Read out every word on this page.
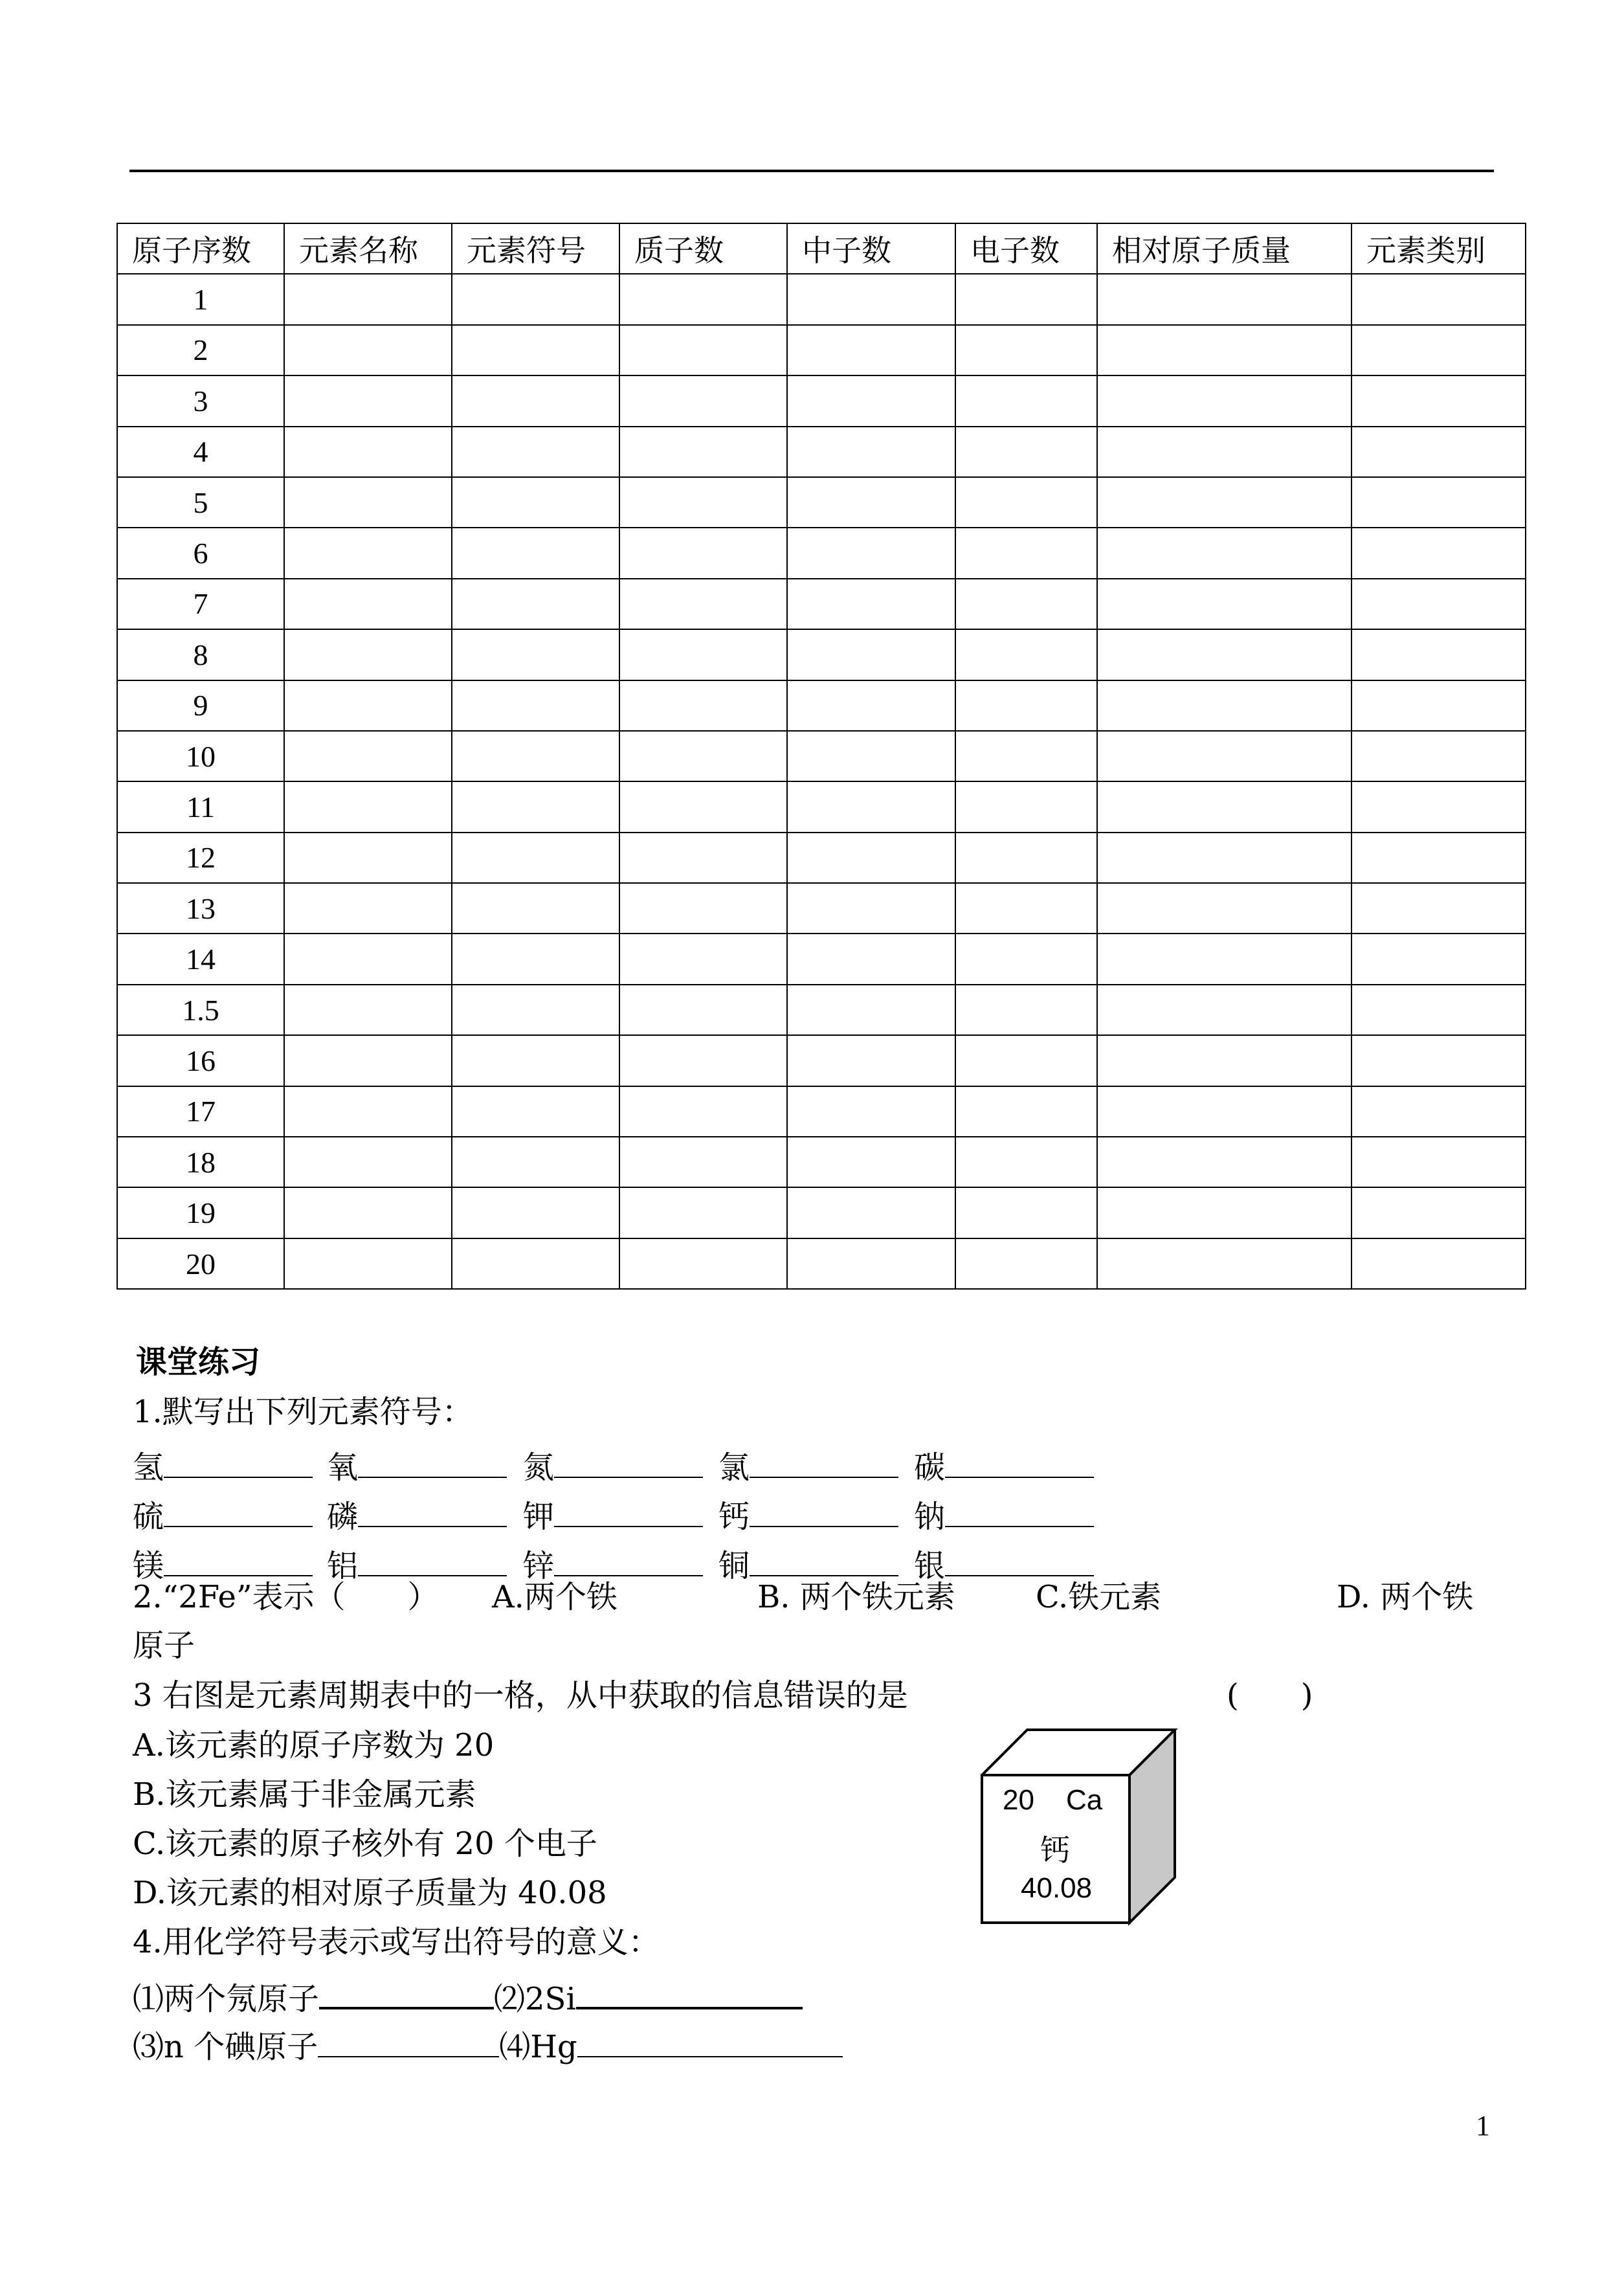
原子序数	元素名称	元素符号	质子数	中子数	电子数	相对原子质量	元素类别
1							
2							
3							
4							
5							
6							
7							
8							
9							
10							
11							
12							
13							
14							
1.5							
16							
17							
18							
19							
20							
课堂练习
1.默写出下列元素符号：
氢	氧	氮	氯	碳
硫	磷	钾	钙	钠
镁	铝	锌	铜	银
2.“2Fe”表示（　　） A.两个铁	B. 两个铁元素	C.铁元素	D. 两个铁
原子
3 右图是元素周期表中的一格，从中获取的信息错误的是	(　　)
A.该元素的原子序数为 20
B.该元素属于非金属元素
C.该元素的原子核外有 20 个电子
D.该元素的相对原子质量为 40.08
20 Ca
钙
40.08
4.用化学符号表示或写出符号的意义：
⑴两个氖原子	⑵2Si
⑶n 个碘原子	⑷Hg
1
